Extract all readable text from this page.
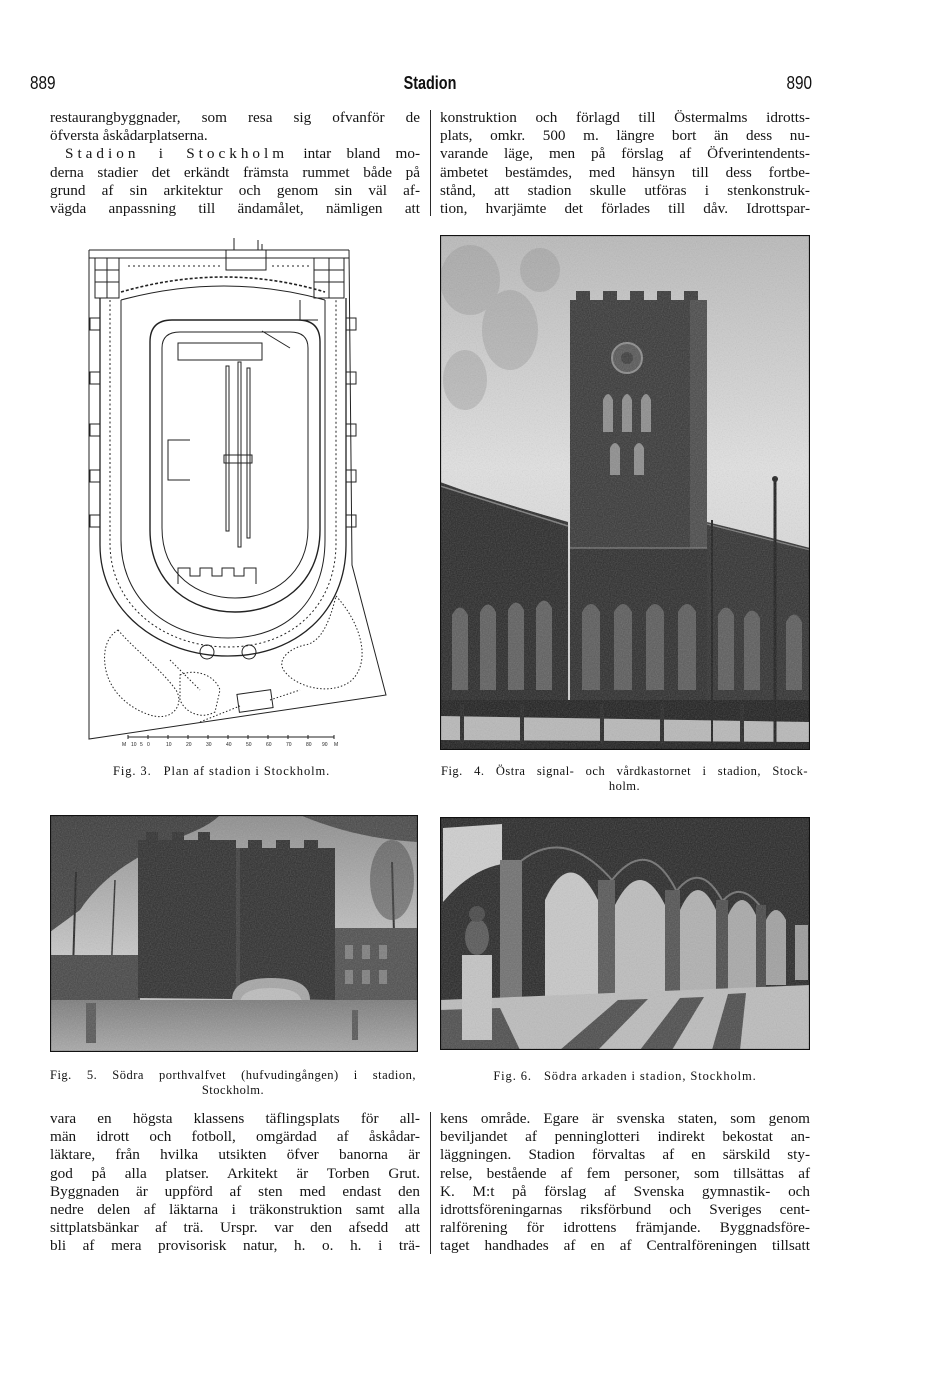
889	Stadion	890
restaurangbyggnader, som resa sig ofvanför de
öfversta åskådarplatserna.
Stadion i Stockholm intar bland mo-
derna stadier det erkändt främsta rummet både på
grund af sin arkitektur och genom sin väl af-
vägda anpassning till ändamålet, nämligen att
konstruktion och förlagd till Östermalms idrotts-
plats, omkr. 500 m. längre bort än dess nu-
varande läge, men på förslag af Öfverintendents-
ämbetet bestämdes, med hänsyn till dess fortbe-
stånd, att stadion skulle utföras i stenkonstruk-
tion, hvarjämte det förlades till dåv. Idrottspar-
M 10 5 0	10	20	30	40	50	60	70	80 90 M
Fig. 3. Plan af stadion i Stockholm.	Fig. 4. Östra signal- och vårdkastornet i stadion, Stock-
holm.
Fig. 5. Södra porthvalfvet (hufvudingången) i stadion,
Stockholm.
Fig. 6. Södra arkaden i stadion, Stockholm.
vara en högsta klassens täflingsplats för all-
män idrott och fotboll, omgärdad af åskådar-
läktare, från hvilka utsikten öfver banorna är
god på alla platser. Arkitekt är Torben Grut.
Byggnaden är uppförd af sten med endast den
nedre delen af läktarna i träkonstruktion samt alla
sittplatsbänkar af trä. Urspr. var den afsedd att
bli af mera provisorisk natur, h. o. h. i trä-
kens område. Egare är svenska staten, som genom
beviljandet af penninglotteri indirekt bekostat an-
läggningen. Stadion förvaltas af en särskild sty-
relse, bestående af fem personer, som tillsättas af
K. M:t på förslag af Svenska gymnastik- och
idrottsföreningarnas riksförbund och Sveriges cent-
ralförening för idrottens främjande. Byggnadsföre-
taget handhades af en af Centralföreningen tillsatt
